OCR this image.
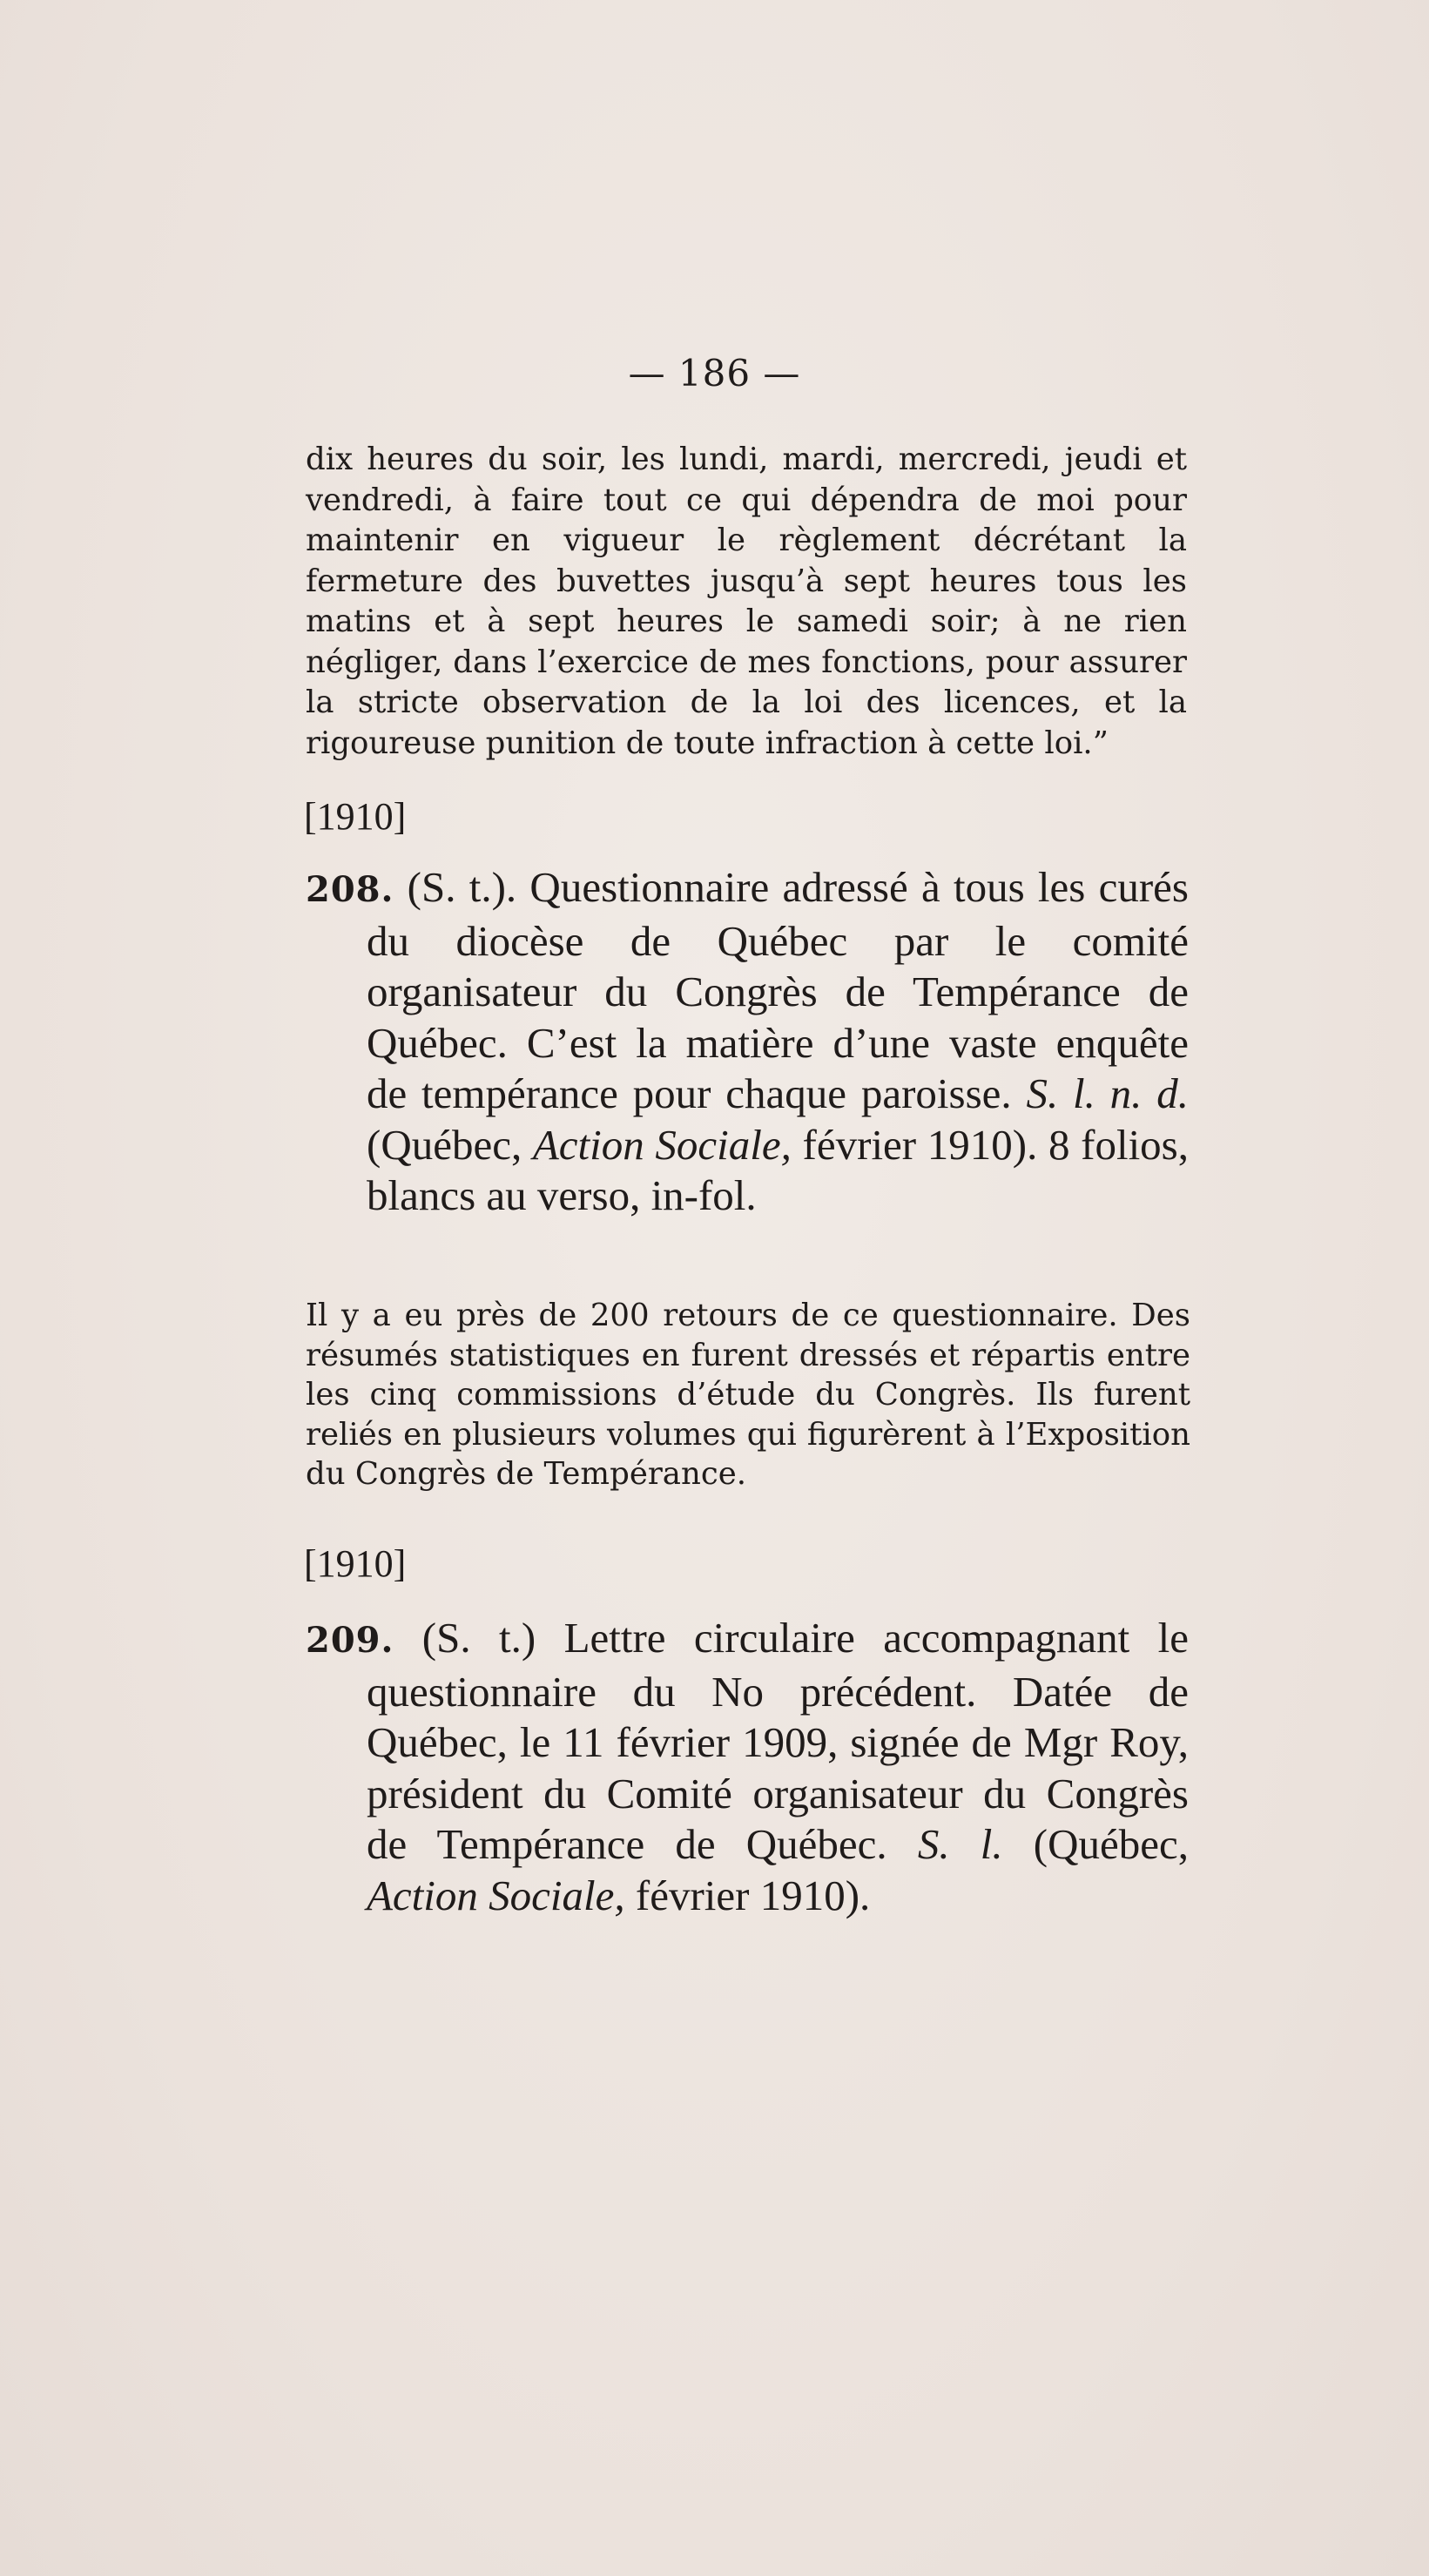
— 186 —

dix heures du soir, les lundi, mardi, mercredi, jeudi et vendredi, à faire tout ce qui dépendra de moi pour maintenir en vigueur le règlement décrétant la fermeture des buvettes jusqu’à sept heures tous les matins et à sept heures le samedi soir; à ne rien négliger, dans l’exercice de mes fonctions, pour assurer la stricte observation de la loi des licences, et la rigoureuse punition de toute infraction à cette loi.”

[1910]

208. (S. t.). Questionnaire adressé à tous les curés du diocèse de Québec par le comité organisateur du Congrès de Tempérance de Québec. C’est la matière d’une vaste enquête de tempérance pour chaque paroisse. S. l. n. d. (Québec, Action Sociale, février 1910). 8 folios, blancs au verso, in-fol.

Il y a eu près de 200 retours de ce questionnaire. Des résumés statistiques en furent dressés et répartis entre les cinq commissions d’étude du Congrès. Ils furent reliés en plusieurs volumes qui figurèrent à l’Exposition du Congrès de Tempérance.

[1910]

209. (S. t.) Lettre circulaire accompagnant le questionnaire du No précédent. Datée de Québec, le 11 février 1909, signée de Mgr Roy, président du Comité organisateur du Congrès de Tempérance de Québec. S. l. (Québec, Action Sociale, février 1910).
